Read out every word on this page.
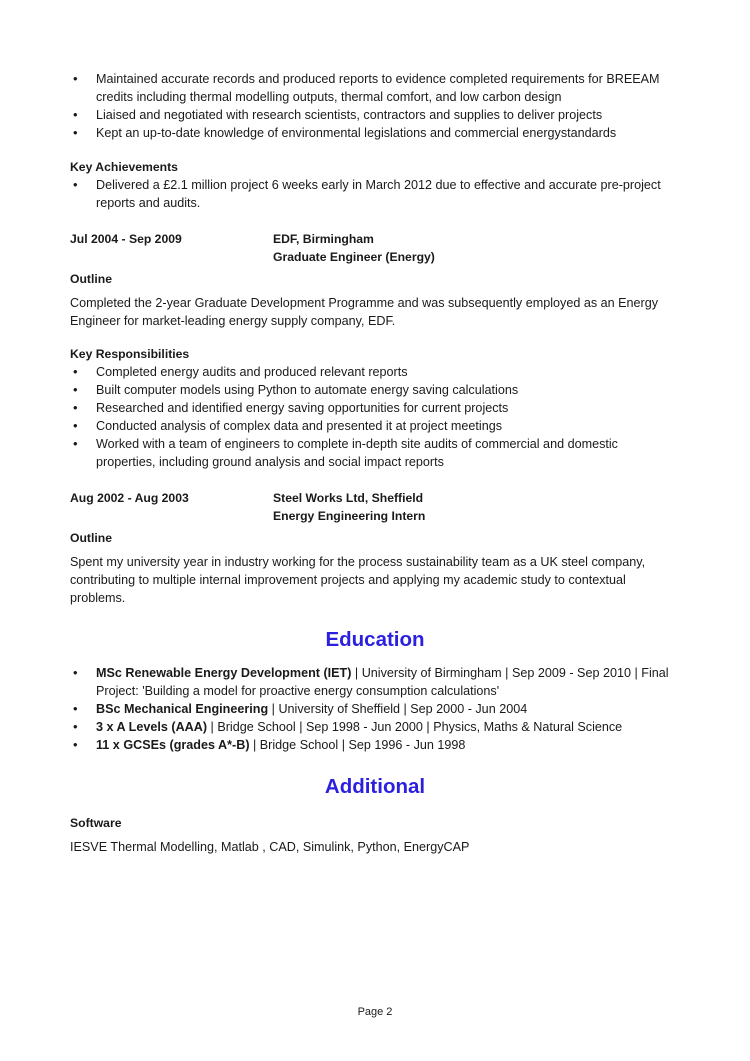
• Maintained accurate records and produced reports to evidence completed requirements for BREEAM credits including thermal modelling outputs, thermal comfort, and low carbon design
• Liaised and negotiated with research scientists, contractors and supplies to deliver projects
• Kept an up-to-date knowledge of environmental legislations and commercial energystandards

Key Achievements

• Delivered a £2.1 million project 6 weeks early in March 2012 due to effective and accurate pre-project reports and audits.
Jul 2004 - Sep 2009	EDF, Birmingham
Graduate Engineer (Energy)

Outline

Completed the 2-year Graduate Development Programme and was subsequently employed as an Energy Engineer for market-leading energy supply company, EDF.

Key Responsibilities

• Completed energy audits and produced relevant reports
• Built computer models using Python to automate energy saving calculations
• Researched and identified energy saving opportunities for current projects
• Conducted analysis of complex data and presented it at project meetings
• Worked with a team of engineers to complete in-depth site audits of commercial and domestic properties, including ground analysis and social impact reports
Aug 2002 - Aug 2003	Steel Works Ltd, Sheffield
Energy Engineering Intern

Outline

Spent my university year in industry working for the process sustainability team as a UK steel company, contributing to multiple internal improvement projects and applying my academic study to contextual problems.

Education
• MSc Renewable Energy Development (IET) | University of Birmingham | Sep 2009 - Sep 2010 | Final Project: 'Building a model for proactive energy consumption calculations'
• BSc Mechanical Engineering | University of Sheffield | Sep 2000 - Jun 2004
• 3 x A Levels (AAA) | Bridge School | Sep 1998 - Jun 2000 | Physics, Maths & Natural Science
• 11 x GCSEs (grades A*-B) | Bridge School | Sep 1996 - Jun 1998
Additional

Software

IESVE Thermal Modelling, Matlab , CAD, Simulink, Python, EnergyCAP

Page 2
